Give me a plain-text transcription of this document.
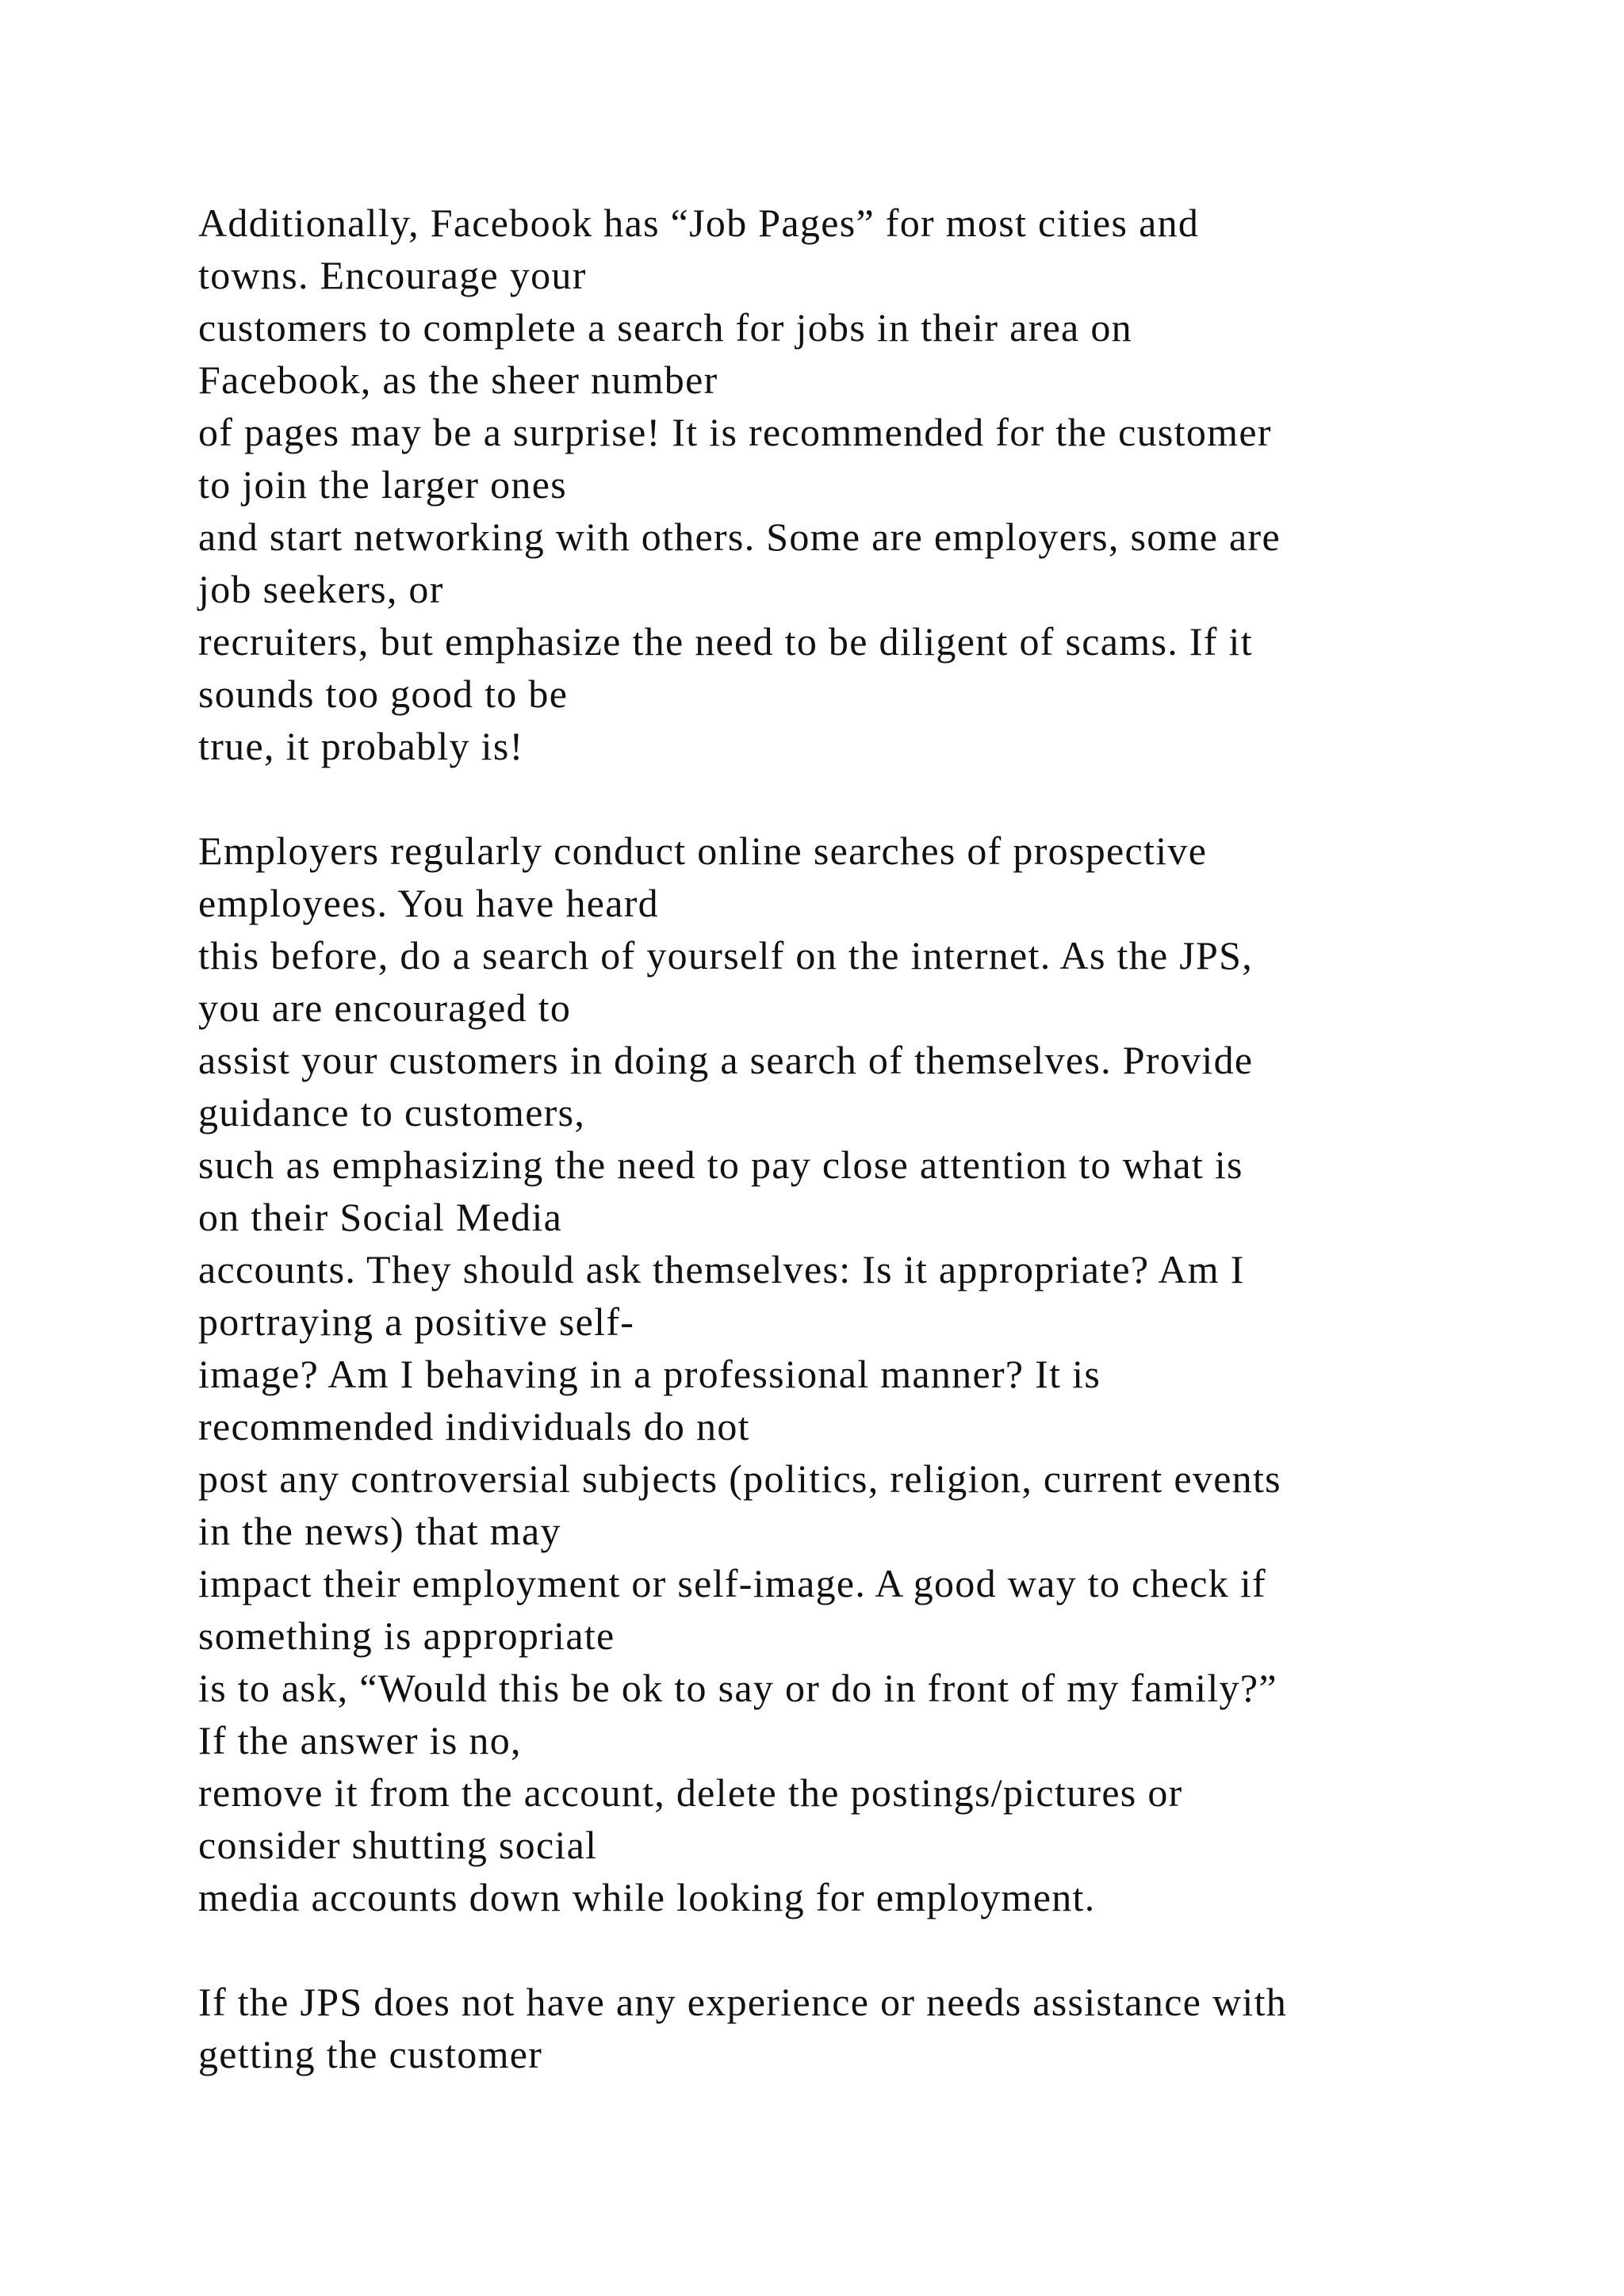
Additionally, Facebook has “Job Pages” for most cities and
towns. Encourage your
customers to complete a search for jobs in their area on
Facebook, as the sheer number
of pages may be a surprise! It is recommended for the customer
to join the larger ones
and start networking with others. Some are employers, some are
job seekers, or
recruiters, but emphasize the need to be diligent of scams. If it
sounds too good to be
true, it probably is!

Employers regularly conduct online searches of prospective
employees. You have heard
this before, do a search of yourself on the internet. As the JPS,
you are encouraged to
assist your customers in doing a search of themselves. Provide
guidance to customers,
such as emphasizing the need to pay close attention to what is
on their Social Media
accounts. They should ask themselves: Is it appropriate? Am I
portraying a positive self-
image? Am I behaving in a professional manner? It is
recommended individuals do not
post any controversial subjects (politics, religion, current events
in the news) that may
impact their employment or self-image. A good way to check if
something is appropriate
is to ask, “Would this be ok to say or do in front of my family?”
If the answer is no,
remove it from the account, delete the postings/pictures or
consider shutting social
media accounts down while looking for employment.

If the JPS does not have any experience or needs assistance with
getting the customer
